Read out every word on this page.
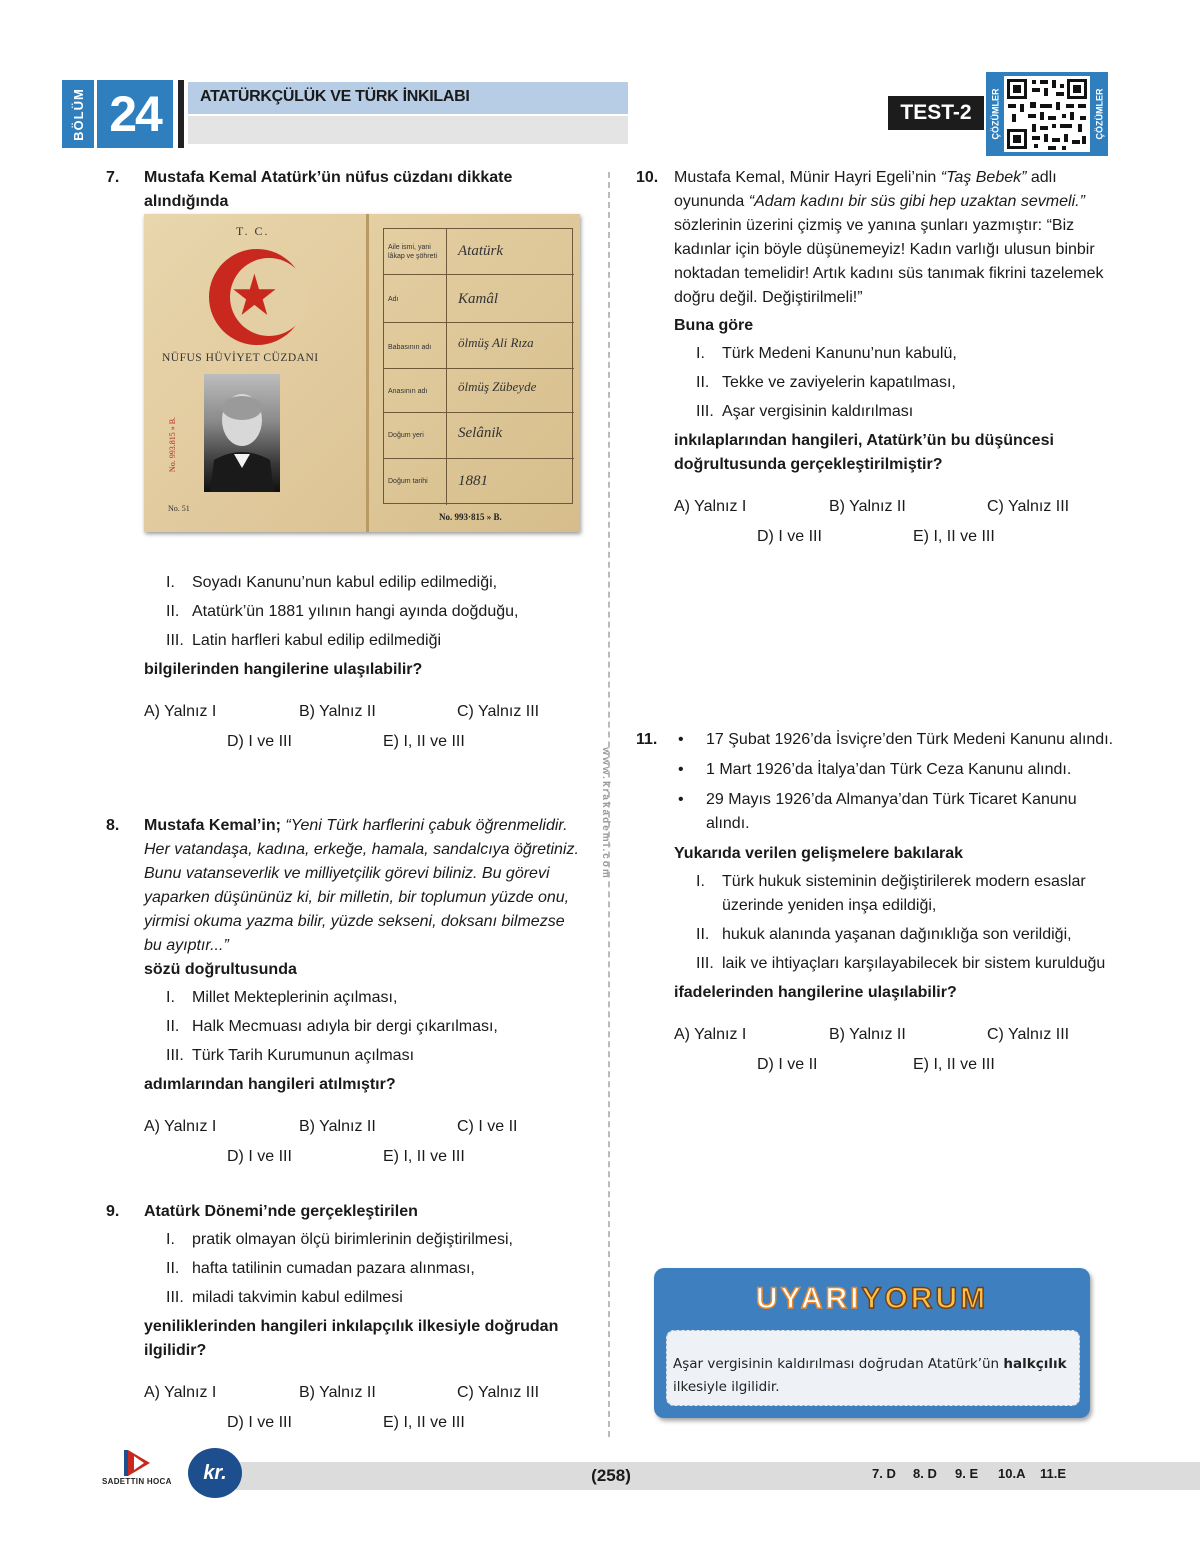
BÖLÜM 24	ATATÜRKÇÜLÜK VE TÜRK İNKILABI
TEST-2	ÇÖZÜMLER	ÇÖZÜMLER
www.krakademi.com
7. Mustafa Kemal Atatürk’ün nüfus cüzdanı dikkate alındığında
T. C.
NÜFUS HÜVİYET CÜZDANI
No. 993.815 » B.
No. 51
Aile ismi, yani lâkap ve şöhreti	Atatürk
Adı	Kamâl
Babasının adı	ölmüş Ali Rıza
Anasının adı	ölmüş Zübeyde
Doğum yeri	Selânik
Doğum tarihi	1881
No. 993·815 » B.
I. Soyadı Kanunu’nun kabul edilip edilmediği,
II. Atatürk’ün 1881 yılının hangi ayında doğduğu,
III. Latin harfleri kabul edilip edilmediği
bilgilerinden hangilerine ulaşılabilir?
A) Yalnız I	B) Yalnız II	C) Yalnız III
D) I ve III	E) I, II ve III
8. Mustafa Kemal’in; “Yeni Türk harflerini çabuk öğrenmelidir. Her vatandaşa, kadına, erkeğe, hamala, sandalcıya öğretiniz. Bunu vatanseverlik ve milliyetçilik görevi biliniz. Bu görevi yaparken düşününüz ki, bir milletin, bir toplumun yüzde onu, yirmisi okuma yazma bilir, yüzde sekseni, doksanı bilmezse bu ayıptır...”
sözü doğrultusunda
I. Millet Mekteplerinin açılması,
II. Halk Mecmuası adıyla bir dergi çıkarılması,
III. Türk Tarih Kurumunun açılması
adımlarından hangileri atılmıştır?
A) Yalnız I	B) Yalnız II	C) I ve II
D) I ve III	E) I, II ve III
9. Atatürk Dönemi’nde gerçekleştirilen
I. pratik olmayan ölçü birimlerinin değiştirilmesi,
II. hafta tatilinin cumadan pazara alınması,
III. miladi takvimin kabul edilmesi
yeniliklerinden hangileri inkılapçılık ilkesiyle doğrudan ilgilidir?
A) Yalnız I	B) Yalnız II	C) Yalnız III
D) I ve III	E) I, II ve III
10. Mustafa Kemal, Münir Hayri Egeli’nin “Taş Bebek” adlı oyununda “Adam kadını bir süs gibi hep uzaktan sevmeli.” sözlerinin üzerini çizmiş ve yanına şunları yazmıştır: “Biz kadınlar için böyle düşünemeyiz! Kadın varlığı ulusun binbir noktadan temelidir! Artık kadını süs tanımak fikrini tazelemek doğru değil. Değiştirilmeli!”
Buna göre
I. Türk Medeni Kanunu’nun kabulü,
II. Tekke ve zaviyelerin kapatılması,
III. Aşar vergisinin kaldırılması
inkılaplarından hangileri, Atatürk’ün bu düşüncesi doğrultusunda gerçekleştirilmiştir?
A) Yalnız I	B) Yalnız II	C) Yalnız III
D) I ve III	E) I, II ve III
11.
•	17 Şubat 1926’da İsviçre’den Türk Medeni Kanunu alındı.
• 1 Mart 1926’da İtalya’dan Türk Ceza Kanunu alındı.
• 29 Mayıs 1926’da Almanya’dan Türk Ticaret Kanunu alındı.
Yukarıda verilen gelişmelere bakılarak
I.	Türk hukuk sisteminin değiştirilerek modern esaslar üzerinde yeniden inşa edildiği,
II. hukuk alanında yaşanan dağınıklığa son verildiği,
III. laik ve ihtiyaçları karşılayabilecek bir sistem kurulduğu
ifadelerinden hangilerine ulaşılabilir?
A) Yalnız I	B) Yalnız II	C) Yalnız III
D) I ve II	E) I, II ve III
UYARIYORUM
Aşar vergisinin kaldırılması doğrudan Atatürk’ün halkçılık ilkesiyle ilgilidir.
SADETTIN HOCA	kr.	( 258 )	7. D 8. D 9. E 10.A 11.E
